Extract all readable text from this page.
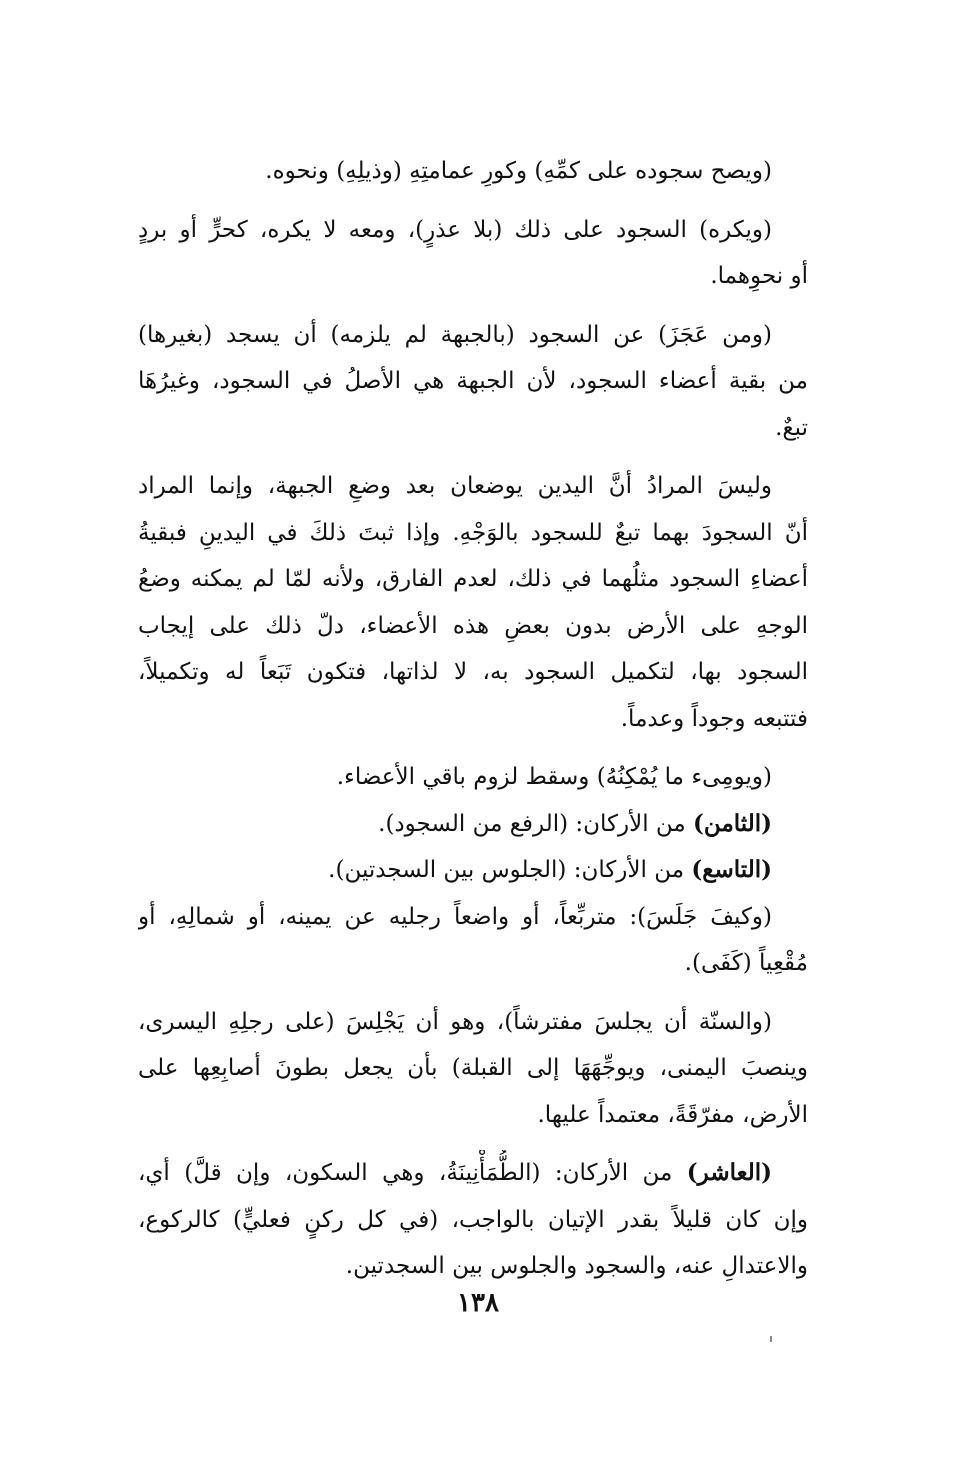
(ويصح سجوده على كمِّهِ) وكورِ عمامتِهِ (وذيلِهِ) ونحوه.
(ويكره) السجود على ذلك (بلا عذرٍ)، ومعه لا يكره، كحرٍّ أو بردٍ
أو نحوِهما.
(ومن عَجَزَ) عن السجود (بالجبهة لم يلزمه) أن يسجد (بغيرها)
من بقية أعضاء السجود، لأن الجبهة هي الأصلُ في السجود، وغيرُهَا
تبعٌ.
وليسَ المرادُ أنَّ اليدين يوضعان بعد وضعِ الجبهة، وإنما المراد
أنّ السجودَ بهما تبعٌ للسجود بالوَجْهِ. وإذا ثبتَ ذلكَ في اليدينِ فبقيةُ
أعضاءِ السجود مثلُهما في ذلك، لعدم الفارق، ولأنه لمّا لم يمكنه وضعُ
الوجهِ على الأرض بدون بعضِ هذه الأعضاء، دلّ ذلك على إيجاب
السجود بها، لتكميل السجود به، لا لذاتها، فتكون تَبَعاً له وتكميلاً،
فتتبعه وجوداً وعدماً.
(ويومِىء ما يُمْكِنُهُ) وسقط لزوم باقي الأعضاء.
(الثامن) من الأركان: (الرفع من السجود).
(التاسع) من الأركان: (الجلوس بين السجدتين).
(وكيفَ جَلَسَ): متربِّعاً، أو واضعاً رجليه عن يمينه، أو شمالِهِ، أو
مُقْعِياً (كَفَى).
(والسنّة أن يجلسَ مفترشاً)، وهو أن يَجْلِسَ (على رجلِهِ اليسرى،
وينصبَ اليمنى، ويوجِّهَهَا إلى القبلة) بأن يجعل بطونَ أصابِعِها على
الأرض، مفرّقَةً، معتمداً عليها.
(العاشر) من الأركان: (الطُّمَأْنِينَةُ، وهي السكون، وإن قلَّ) أي،
وإن كان قليلاً بقدر الإتيان بالواجب، (في كل ركنٍ فعليٍّ) كالركوع،
والاعتدالِ عنه، والسجود والجلوس بين السجدتين.
١٣٨
